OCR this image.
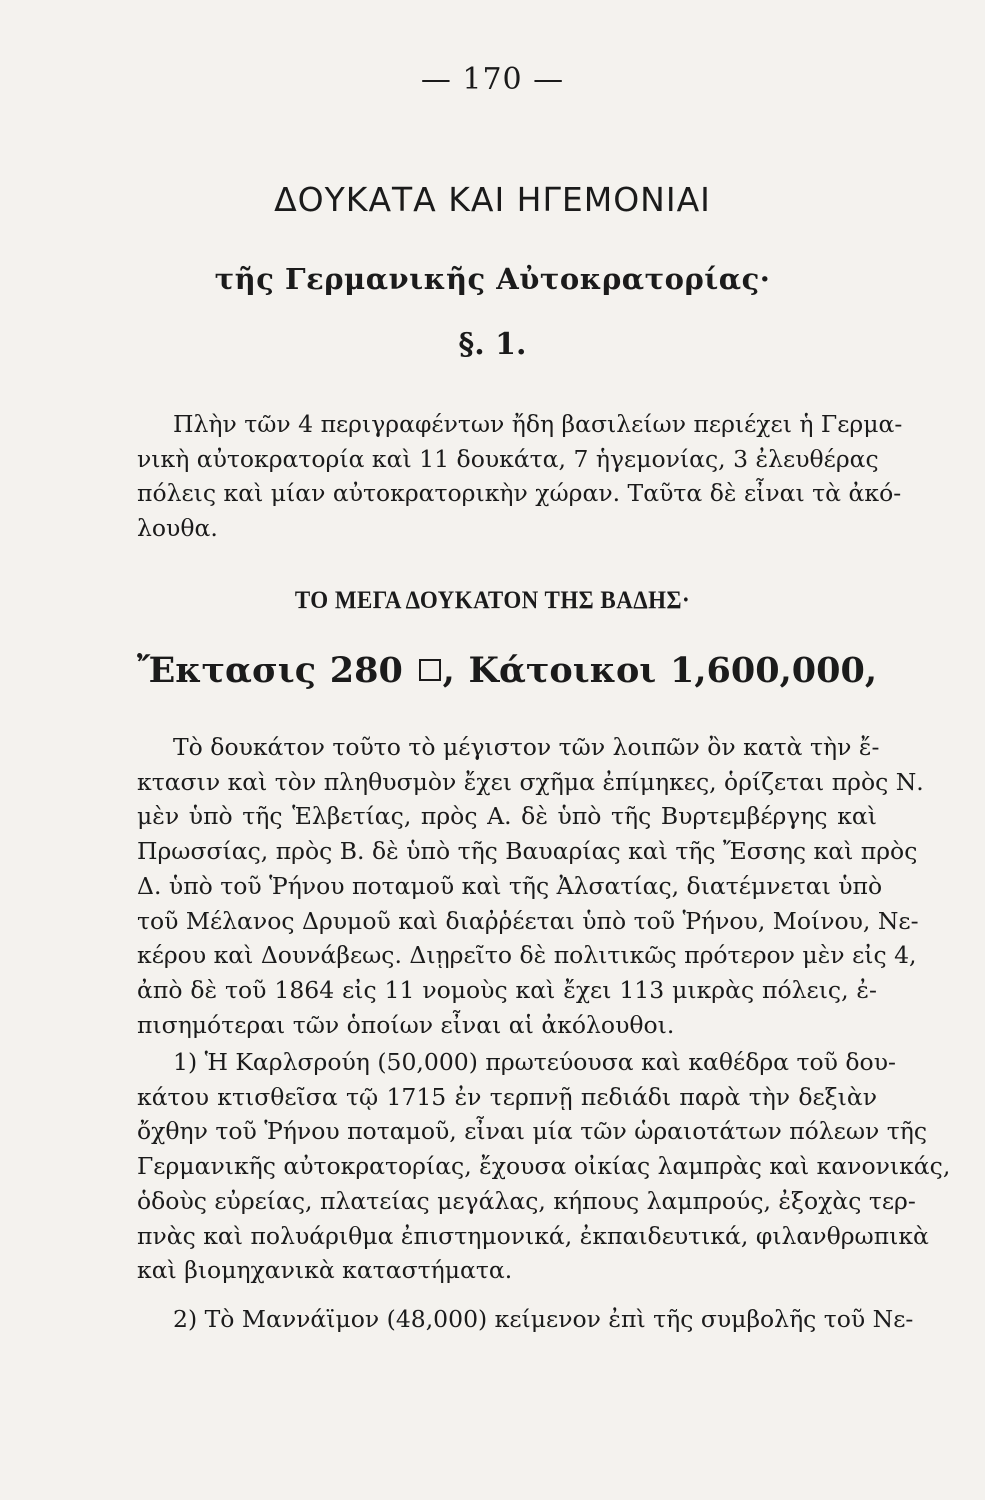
— 170 —
ΔΟΥΚΑΤΑ ΚΑΙ ΗΓΕΜΟΝΙΑΙ
τῆς Γερμανικῆς Αὐτοκρατορίας·
§. 1.
Πλὴν τῶν 4 περιγραφέντων ἤδη βασιλείων περιέχει ἡ Γερμα-
νικὴ αὐτοκρατορία καὶ 11 δουκάτα, 7 ἡγεμονίας, 3 ἐλευθέρας
πόλεις καὶ μίαν αὐτοκρατορικὴν χώραν. Ταῦτα δὲ εἶναι τὰ ἀκό-
λουθα.
ΤΟ ΜΕΓΑ ΔΟΥΚΑΤΟΝ ΤΗΣ ΒΑΔΗΣ·
Ἔκτασις 280 , Κάτοικοι 1,600,000,
Τὸ δουκάτον τοῦτο τὸ μέγιστον τῶν λοιπῶν ὂν κατὰ τὴν ἔ-
κτασιν καὶ τὸν πληθυσμὸν ἔχει σχῆμα ἐπίμηκες, ὁρίζεται πρὸς Ν.
μὲν ὑπὸ τῆς Ἑλβετίας, πρὸς Α. δὲ ὑπὸ τῆς Βυρτεμβέργης καὶ
Πρωσσίας, πρὸς Β. δὲ ὑπὸ τῆς Βαυαρίας καὶ τῆς Ἔσσης καὶ πρὸς
Δ. ὑπὸ τοῦ Ῥήνου ποταμοῦ καὶ τῆς Ἀλσατίας, διατέμνεται ὑπὸ
τοῦ Μέλανος Δρυμοῦ καὶ διαῤῥέεται ὑπὸ τοῦ Ῥήνου, Μοίνου, Νε-
κέρου καὶ Δουνάβεως. Διῃρεῖτο δὲ πολιτικῶς πρότερον μὲν εἰς 4,
ἀπὸ δὲ τοῦ 1864 εἰς 11 νομοὺς καὶ ἔχει 113 μικρὰς πόλεις, ἐ-
πισημότεραι τῶν ὁποίων εἶναι αἱ ἀκόλουθοι.
1) Ἡ Καρλσρούη (50,000) πρωτεύουσα καὶ καθέδρα τοῦ δου-
κάτου κτισθεῖσα τῷ 1715 ἐν τερπνῇ πεδιάδι παρὰ τὴν δεξιὰν
ὄχθην τοῦ Ῥήνου ποταμοῦ, εἶναι μία τῶν ὡραιοτάτων πόλεων τῆς
Γερμανικῆς αὐτοκρατορίας, ἔχουσα οἰκίας λαμπρὰς καὶ κανονικάς,
ὁδοὺς εὐρείας, πλατείας μεγάλας, κήπους λαμπρούς, ἐξοχὰς τερ-
πνὰς καὶ πολυάριθμα ἐπιστημονικά, ἐκπαιδευτικά, φιλανθρωπικὰ
καὶ βιομηχανικὰ καταστήματα.
2) Τὸ Μαννάϊμον (48,000) κείμενον ἐπὶ τῆς συμβολῆς τοῦ Νε-
